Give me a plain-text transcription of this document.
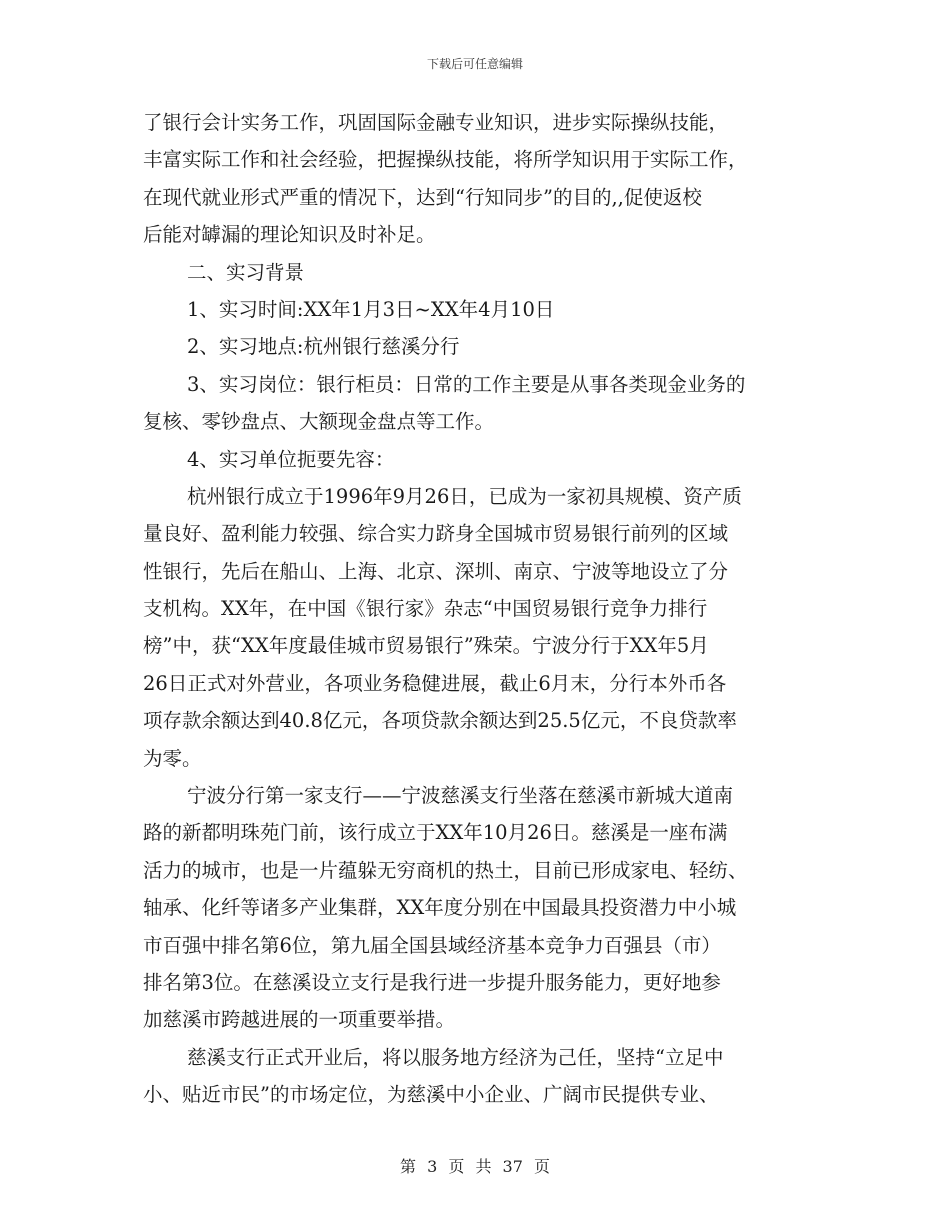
下载后可任意编辑
了银行会计实务工作，巩固国际金融专业知识，进步实际操纵技能，
丰富实际工作和社会经验，把握操纵技能，将所学知识用于实际工作，
在现代就业形式严重的情况下，达到“行知同步”的目的,,促使返校
后能对罅漏的理论知识及时补足。
二、实习背景
1、实习时间:XX年1月3日~XX年4月10日
2、实习地点:杭州银行慈溪分行
3、实习岗位：银行柜员：日常的工作主要是从事各类现金业务的
复核、零钞盘点、大额现金盘点等工作。
4、实习单位扼要先容：
杭州银行成立于1996年9月26日，已成为一家初具规模、资产质
量良好、盈利能力较强、综合实力跻身全国城市贸易银行前列的区域
性银行，先后在船山、上海、北京、深圳、南京、宁波等地设立了分
支机构。XX年，在中国《银行家》杂志“中国贸易银行竞争力排行
榜”中，获“XX年度最佳城市贸易银行”殊荣。宁波分行于XX年5月
26日正式对外营业，各项业务稳健进展，截止6月末，分行本外币各
项存款余额达到40.8亿元，各项贷款余额达到25.5亿元，不良贷款率
为零。
宁波分行第一家支行——宁波慈溪支行坐落在慈溪市新城大道南
路的新都明珠苑门前，该行成立于XX年10月26日。慈溪是一座布满
活力的城市，也是一片蕴躲无穷商机的热土，目前已形成家电、轻纺、
轴承、化纤等诸多产业集群，XX年度分别在中国最具投资潜力中小城
市百强中排名第6位，第九届全国县域经济基本竞争力百强县（市）
排名第3位。在慈溪设立支行是我行进一步提升服务能力，更好地参
加慈溪市跨越进展的一项重要举措。
慈溪支行正式开业后，将以服务地方经济为己任，坚持“立足中
小、贴近市民”的市场定位，为慈溪中小企业、广阔市民提供专业、
第 3 页 共 37 页
